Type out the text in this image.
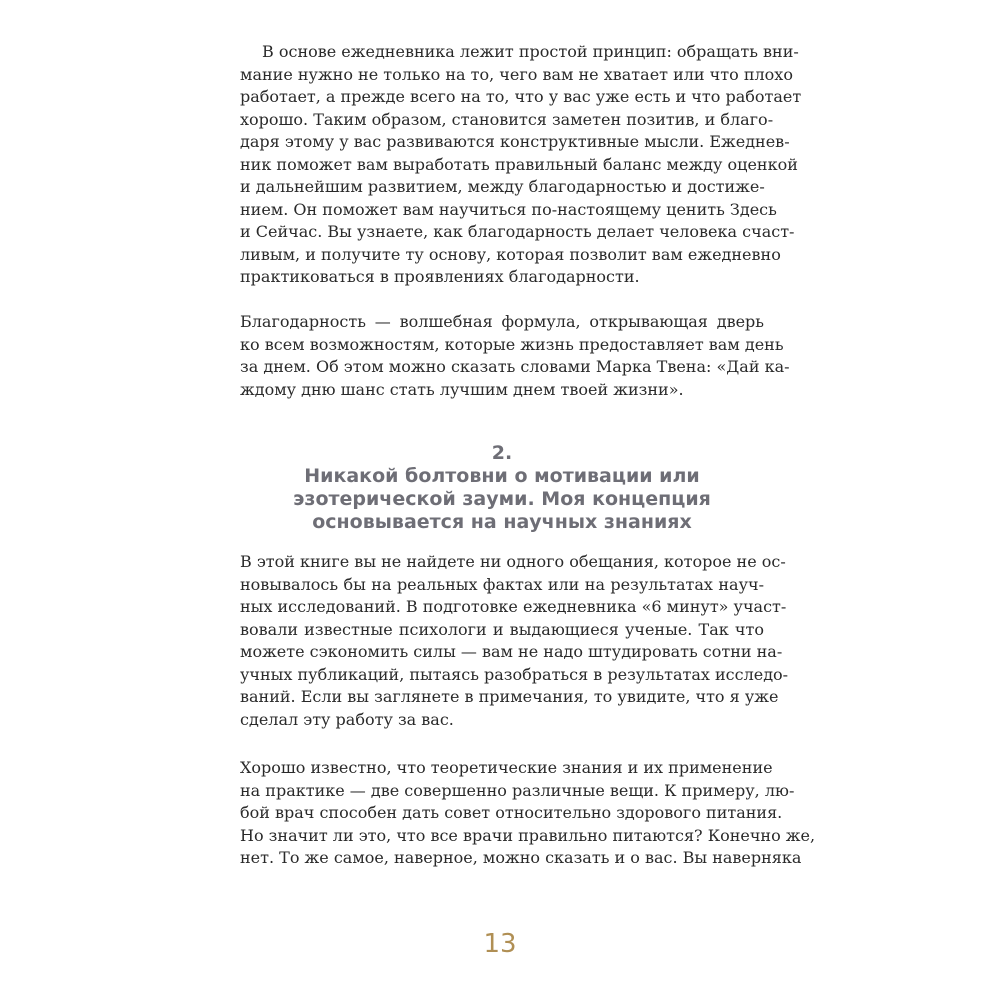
В основе ежедневника лежит простой принцип: обращать вни-
мание нужно не только на то, чего вам не хватает или что плохо
работает, а прежде всего на то, что у вас уже есть и что работает
хорошо. Таким образом, становится заметен позитив, и благо-
даря этому у вас развиваются конструктивные мысли. Ежеднев-
ник поможет вам выработать правильный баланс между оценкой
и дальнейшим развитием, между благодарностью и достиже-
нием. Он поможет вам научиться по-настоящему ценить Здесь
и Сейчас. Вы узнаете, как благодарность делает человека счаст-
ливым, и получите ту основу, которая позволит вам ежедневно
практиковаться в проявлениях благодарности.
Благодарность — волшебная формула, открывающая дверь
ко всем возможностям, которые жизнь предоставляет вам день
за днем. Об этом можно сказать словами Марка Твена: «Дай ка-
ждому дню шанс стать лучшим днем твоей жизни».
2.
Никакой болтовни о мотивации или
эзотерической зауми. Моя концепция
основывается на научных знаниях
В этой книге вы не найдете ни одного обещания, которое не ос-
новывалось бы на реальных фактах или на результатах науч-
ных исследований. В подготовке ежедневника «6 минут» участ-
вовали известные психологи и выдающиеся ученые. Так что
можете сэкономить силы — вам не надо штудировать сотни на-
учных публикаций, пытаясь разобраться в результатах исследо-
ваний. Если вы заглянете в примечания, то увидите, что я уже
сделал эту работу за вас.
Хорошо известно, что теоретические знания и их применение
на практике — две совершенно различные вещи. К примеру, лю-
бой врач способен дать совет относительно здорового питания.
Но значит ли это, что все врачи правильно питаются? Конечно же,
нет. То же самое, наверное, можно сказать и о вас. Вы наверняка
13
